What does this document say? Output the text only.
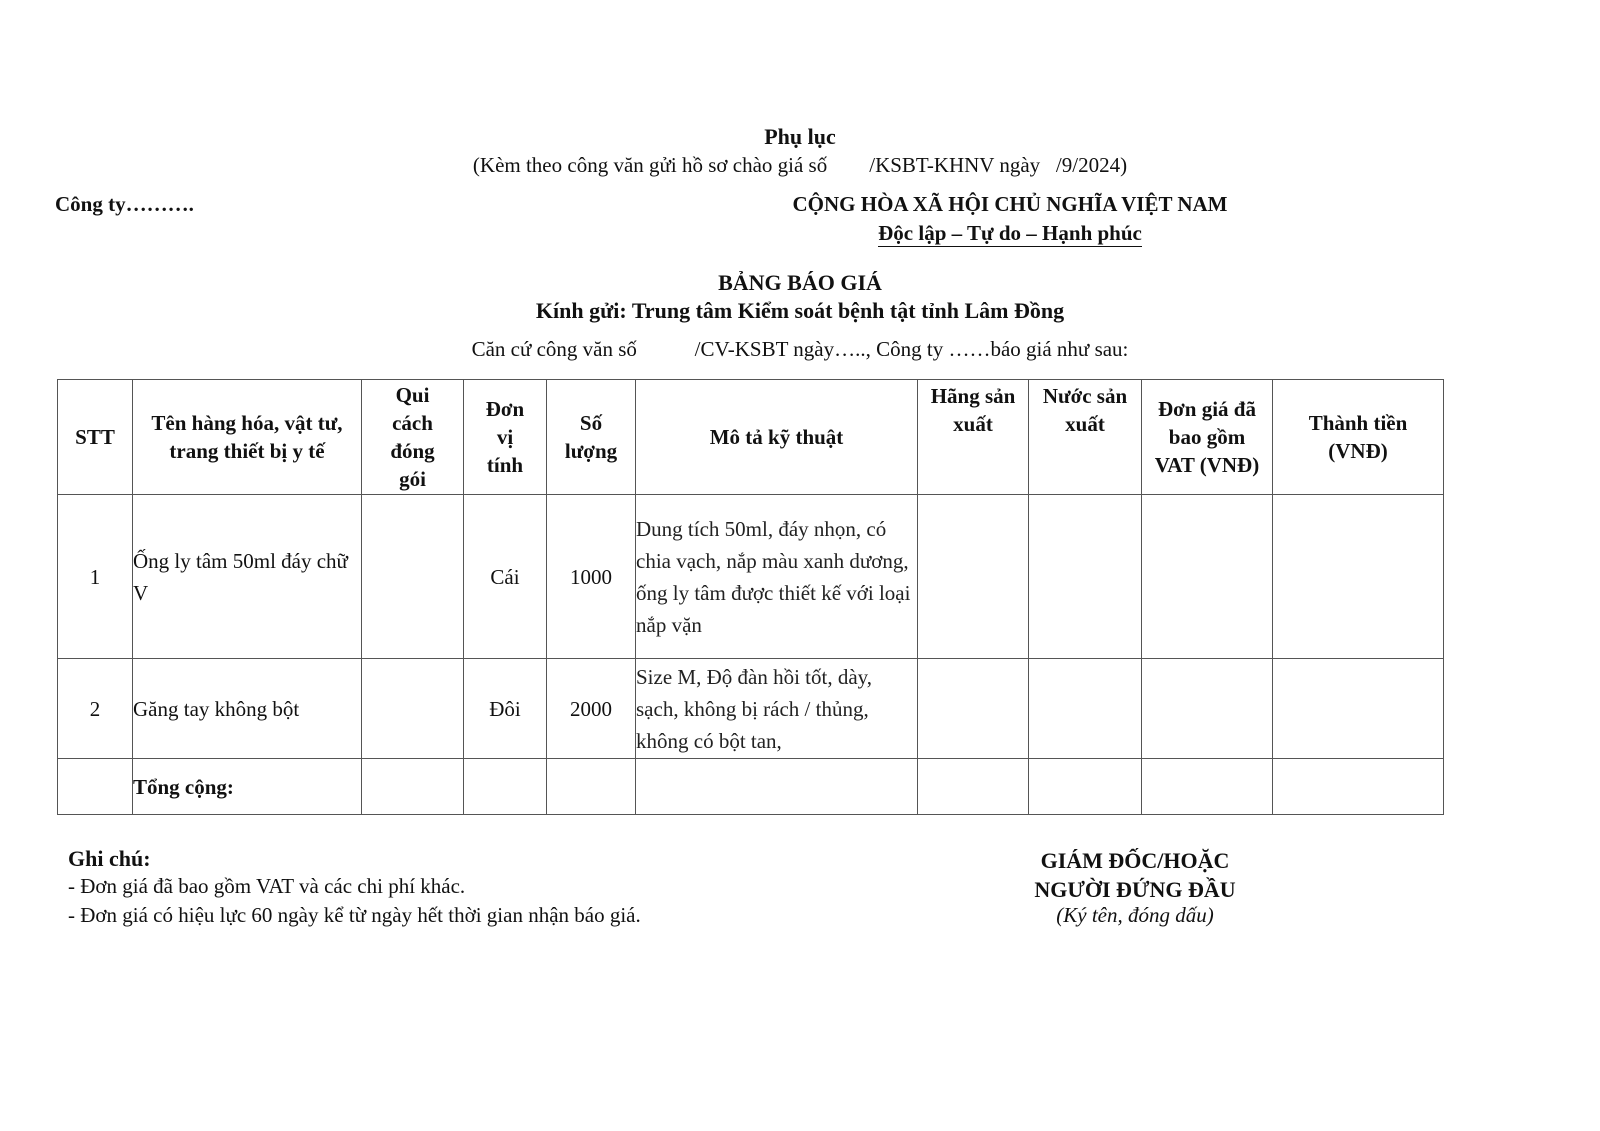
Phụ lục
(Kèm theo công văn gửi hồ sơ chào giá số        /KSBT-KHNV ngày   /9/2024)
Công ty……….	CỘNG HÒA XÃ HỘI CHỦ NGHĨA VIỆT NAM
Độc lập – Tự do – Hạnh phúc
BẢNG BÁO GIÁ
Kính gửi: Trung tâm Kiểm soát bệnh tật tỉnh Lâm Đồng
Căn cứ công văn số           /CV-KSBT ngày….., Công ty ……báo giá như sau:
STT	Tên hàng hóa, vật tư, trang thiết bị y tế	Qui cách đóng gói	Đơn vị tính	Số lượng	Mô tả kỹ thuật	Hãng sản xuất	Nước sản xuất	Đơn giá đã bao gồm VAT (VNĐ)	Thành tiền (VNĐ)
1	Ống ly tâm 50ml đáy chữ V		Cái	1000	Dung tích 50ml, đáy nhọn, có chia vạch, nắp màu xanh dương, ống ly tâm được thiết kế với loại nắp vặn				
2	Găng tay không bột		Đôi	2000	Size M, Độ đàn hồi tốt, dày, sạch, không bị rách / thủng, không có bột tan,				
	Tổng cộng:								
Ghi chú:
- Đơn giá đã bao gồm VAT và các chi phí khác.
- Đơn giá có hiệu lực 60 ngày kể từ ngày hết thời gian nhận báo giá.
GIÁM ĐỐC/HOẶC
NGƯỜI ĐỨNG ĐẦU
(Ký tên, đóng dấu)
